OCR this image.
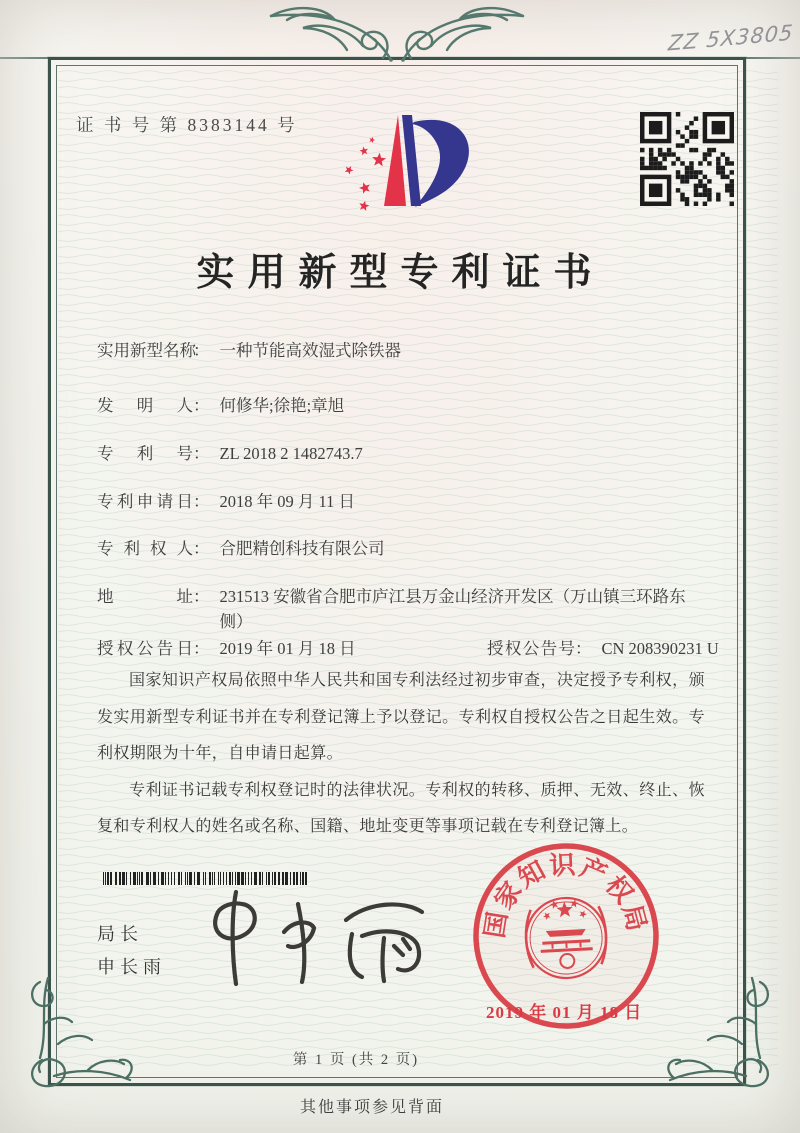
ZZ 5X3805
证 书 号 第 8383144 号
实用新型专利证书
实用新型名称
： 一种节能高效湿式除铁器
发明人 ： 何修华;徐艳;章旭
专利号 ： ZL 2018 2 1482743.7
专利申请日 ： 2018 年 09 月 11 日
专利权人 ： 合肥精创科技有限公司
地址 ： 231513 安徽省合肥市庐江县万金山经济开发区（万山镇三环路东侧）
授权公告日 ： 2019 年 01 月 18 日	授权公告号 ： CN 208390231 U

国家知识产权局依照中华人民共和国专利法经过初步审查，决定授予专利权，颁发实用新型专利证书并在专利登记簿上予以登记。专利权自授权公告之日起生效。专利权期限为十年，自申请日起算。

专利证书记载专利权登记时的法律状况。专利权的转移、质押、无效、终止、恢复和专利权人的姓名或名称、国籍、地址变更等事项记载在专利登记簿上。

局长
申长雨
国
家
知
识 产
权
局
2019 年 01 月 18 日
第 1 页 (共 2 页)
其他事项参见背面
